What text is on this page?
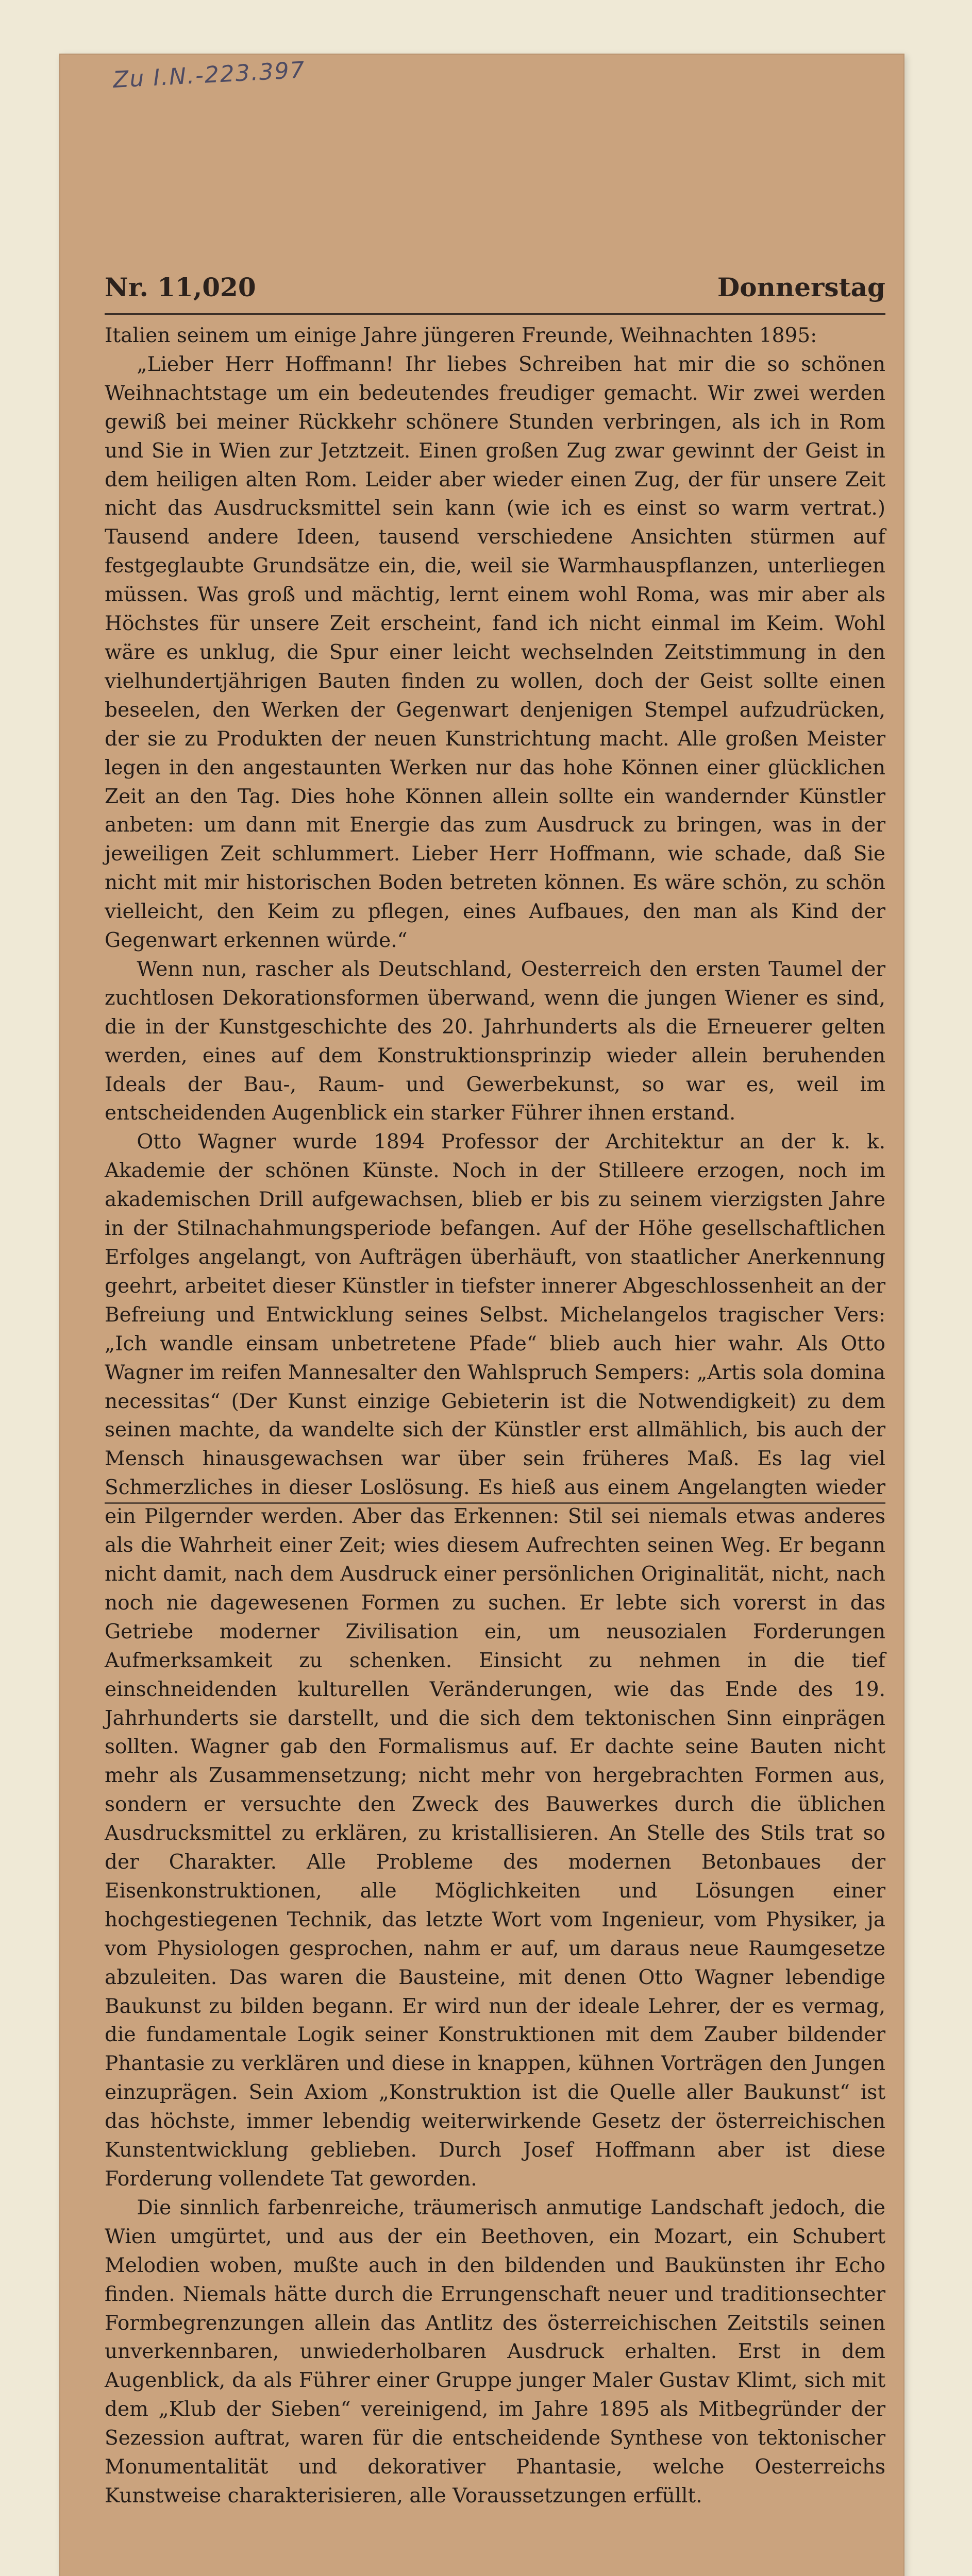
Zu I.N.-223.397
Nr. 11,020	Donnerstag

Italien seinem um einige Jahre jüngeren Freunde, Weihnachten 1895:

„Lieber Herr Hoffmann! Ihr liebes Schreiben hat mir die so schönen Weihnachtstage um ein bedeutendes freudiger gemacht. Wir zwei werden gewiß bei meiner Rückkehr schönere Stunden verbringen, als ich in Rom und Sie in Wien zur Jetztzeit. Einen großen Zug zwar gewinnt der Geist in dem heiligen alten Rom. Leider aber wieder einen Zug, der für unsere Zeit nicht das Ausdrucksmittel sein kann (wie ich es einst so warm vertrat.) Tausend andere Ideen, tausend verschiedene Ansichten stürmen auf festgeglaubte Grundsätze ein, die, weil sie Warmhauspflanzen, unterliegen müssen. Was groß und mächtig, lernt einem wohl Roma, was mir aber als Höchstes für unsere Zeit erscheint, fand ich nicht einmal im Keim. Wohl wäre es unklug, die Spur einer leicht wechselnden Zeitstimmung in den vielhundertjährigen Bauten finden zu wollen, doch der Geist sollte einen beseelen, den Werken der Gegenwart denjenigen Stempel aufzudrücken, der sie zu Produkten der neuen Kunstrichtung macht. Alle großen Meister legen in den angestaunten Werken nur das hohe Können einer glücklichen Zeit an den Tag. Dies hohe Können allein sollte ein wandernder Künstler anbeten: um dann mit Energie das zum Ausdruck zu bringen, was in der jeweiligen Zeit schlummert. Lieber Herr Hoffmann, wie schade, daß Sie nicht mit mir historischen Boden betreten können. Es wäre schön, zu schön vielleicht, den Keim zu pflegen, eines Aufbaues, den man als Kind der Gegenwart erkennen würde.“

Wenn nun, rascher als Deutschland, Oesterreich den ersten Taumel der zuchtlosen Dekorationsformen überwand, wenn die jungen Wiener es sind, die in der Kunstgeschichte des 20. Jahrhunderts als die Erneuerer gelten werden, eines auf dem Konstruktionsprinzip wieder allein beruhenden Ideals der Bau-, Raum- und Gewerbekunst, so war es, weil im entscheidenden Augenblick ein starker Führer ihnen erstand.

Otto Wagner wurde 1894 Professor der Architektur an der k. k. Akademie der schönen Künste. Noch in der Stilleere erzogen, noch im akademischen Drill aufgewachsen, blieb er bis zu seinem vierzigsten Jahre in der Stilnachahmungsperiode befangen. Auf der Höhe gesellschaftlichen Erfolges angelangt, von Aufträgen überhäuft, von staatlicher Anerkennung geehrt, arbeitet dieser Künstler in tiefster innerer Abgeschlossenheit an der Befreiung und Entwicklung seines Selbst. Michelangelos tragischer Vers: „Ich wandle einsam unbetretene Pfade“ blieb auch hier wahr. Als Otto Wagner im reifen Mannesalter den Wahlspruch Sempers: „Artis sola domina necessitas“ (Der Kunst einzige Gebieterin ist die Notwendigkeit) zu dem seinen machte, da wandelte sich der Künstler erst allmählich, bis auch der Mensch hinausgewachsen war über sein früheres Maß. Es lag viel Schmerzliches in dieser Loslösung. Es hieß aus einem Angelangten wieder ein Pilgernder werden. Aber das Erkennen: Stil sei niemals etwas anderes als die Wahrheit einer Zeit; wies diesem Aufrechten seinen Weg. Er begann nicht damit, nach dem Ausdruck einer persönlichen Originalität, nicht, nach noch nie dagewesenen Formen zu suchen. Er lebte sich vorerst in das Getriebe moderner Zivilisation ein, um neusozialen Forderungen Aufmerksamkeit zu schenken. Einsicht zu nehmen in die tief einschneidenden kulturellen Veränderungen, wie das Ende des 19. Jahrhunderts sie darstellt, und die sich dem tektonischen Sinn einprägen sollten. Wagner gab den Formalismus auf. Er dachte seine Bauten nicht mehr als Zusammensetzung; nicht mehr von hergebrachten Formen aus, sondern er versuchte den Zweck des Bauwerkes durch die üblichen Ausdrucksmittel zu erklären, zu kristallisieren. An Stelle des Stils trat so der Charakter. Alle Probleme des modernen Betonbaues der Eisenkonstruktionen, alle Möglichkeiten und Lösungen einer hochgestiegenen Technik, das letzte Wort vom Ingenieur, vom Physiker, ja vom Physiologen gesprochen, nahm er auf, um daraus neue Raumgesetze abzuleiten. Das waren die Bausteine, mit denen Otto Wagner lebendige Baukunst zu bilden begann. Er wird nun der ideale Lehrer, der es vermag, die fundamentale Logik seiner Konstruktionen mit dem Zauber bildender Phantasie zu verklären und diese in knappen, kühnen Vorträgen den Jungen einzuprägen. Sein Axiom „Konstruktion ist die Quelle aller Baukunst“ ist das höchste, immer lebendig weiterwirkende Gesetz der österreichischen Kunstentwicklung geblieben. Durch Josef Hoffmann aber ist diese Forderung vollendete Tat geworden.

Die sinnlich farbenreiche, träumerisch anmutige Landschaft jedoch, die Wien umgürtet, und aus der ein Beethoven, ein Mozart, ein Schubert Melodien woben, mußte auch in den bildenden und Baukünsten ihr Echo finden. Niemals hätte durch die Errungenschaft neuer und traditionsechter Formbegrenzungen allein das Antlitz des österreichischen Zeitstils seinen unverkennbaren, unwiederholbaren Ausdruck erhalten. Erst in dem Augenblick, da als Führer einer Gruppe junger Maler Gustav Klimt, sich mit dem „Klub der Sieben“ vereinigend, im Jahre 1895 als Mitbegründer der Sezession auftrat, waren für die entscheidende Synthese von tektonischer Monumentalität und dekorativer Phantasie, welche Oesterreichs Kunstweise charakterisieren, alle Voraussetzungen erfüllt.
